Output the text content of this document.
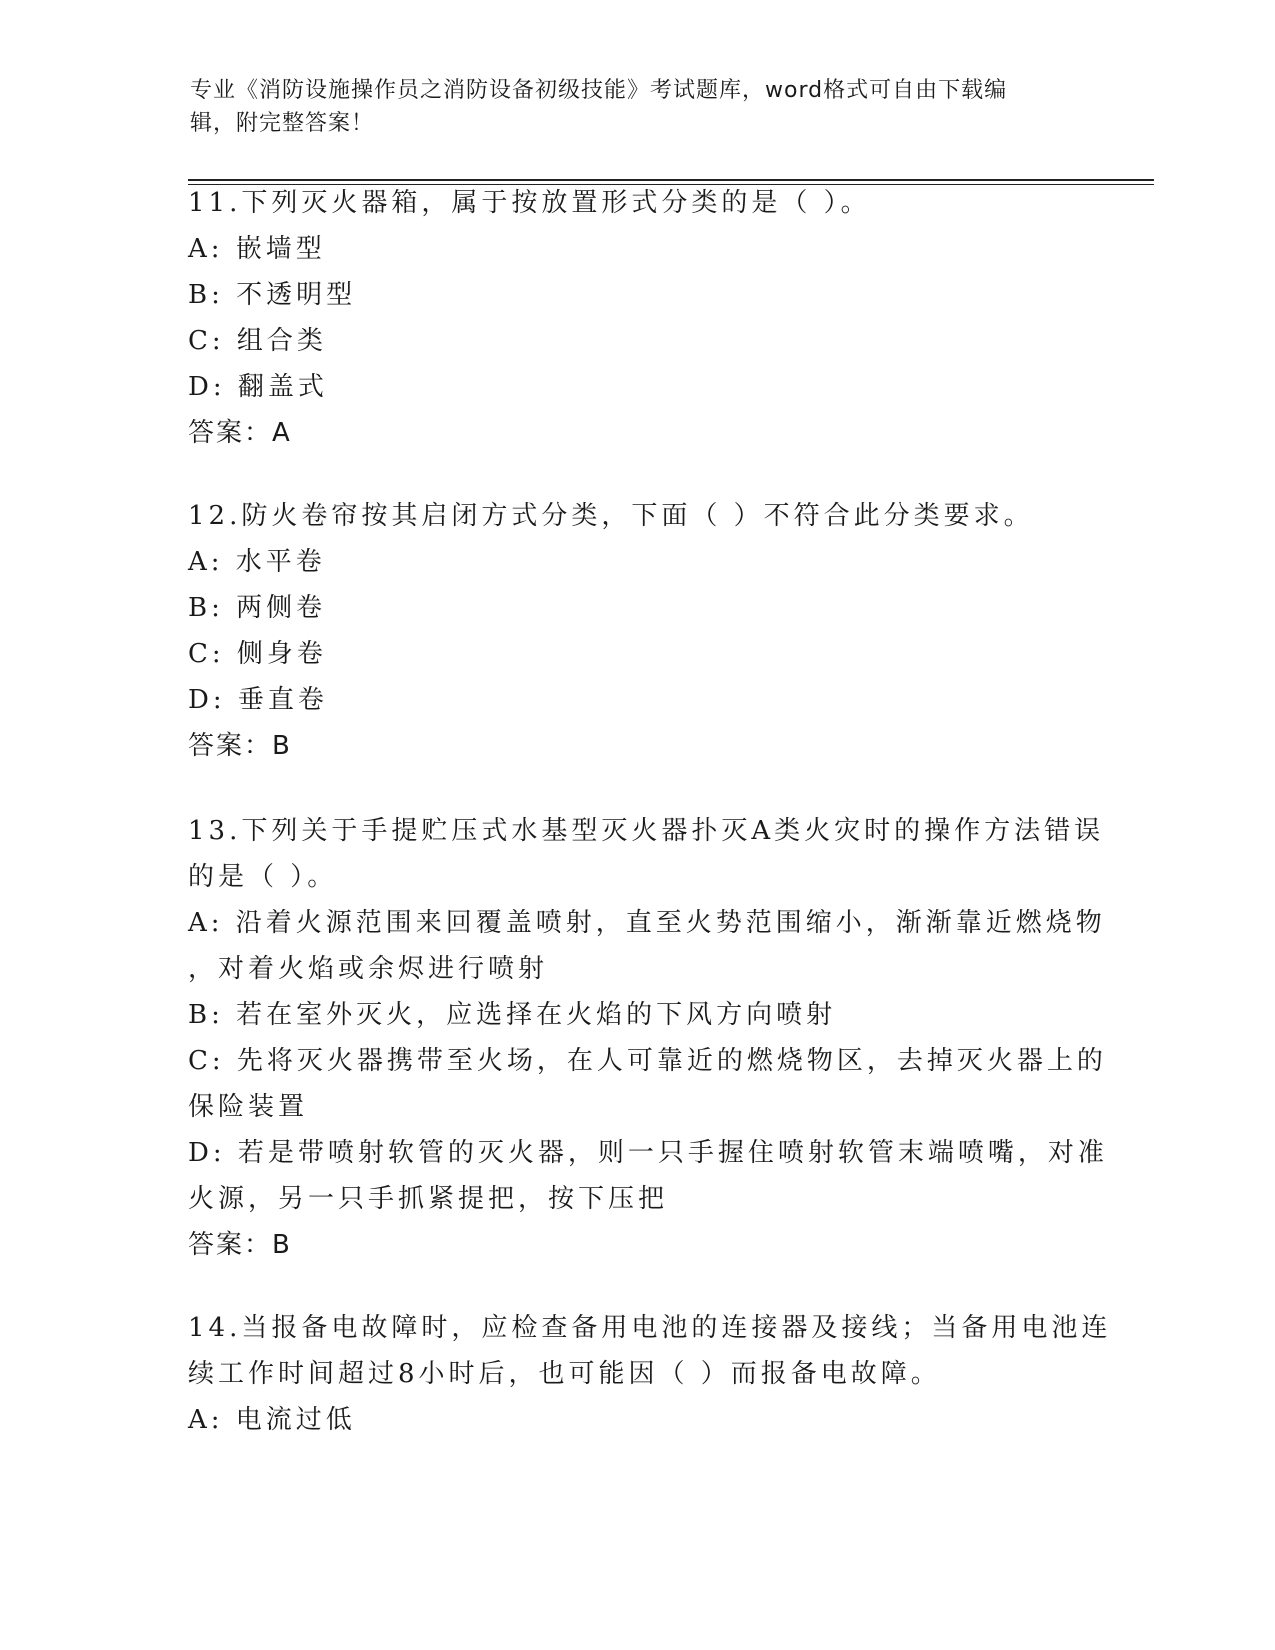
专业《消防设施操作员之消防设备初级技能》考试题库，word格式可自由下载编
辑，附完整答案！
11.下列灭火器箱，属于按放置形式分类的是（ ）。
A: 嵌墙型
B: 不透明型
C: 组合类
D: 翻盖式
答案：A
12.防火卷帘按其启闭方式分类，下面（ ）不符合此分类要求。
A: 水平卷
B: 两侧卷
C: 侧身卷
D: 垂直卷
答案：B
13.下列关于手提贮压式水基型灭火器扑灭A类火灾时的操作方法错误
的是（ ）。
A: 沿着火源范围来回覆盖喷射，直至火势范围缩小，渐渐靠近燃烧物
，对着火焰或余烬进行喷射
B: 若在室外灭火，应选择在火焰的下风方向喷射
C: 先将灭火器携带至火场，在人可靠近的燃烧物区，去掉灭火器上的
保险装置
D: 若是带喷射软管的灭火器，则一只手握住喷射软管末端喷嘴，对准
火源，另一只手抓紧提把，按下压把
答案：B
14.当报备电故障时，应检查备用电池的连接器及接线；当备用电池连
续工作时间超过8小时后，也可能因（ ）而报备电故障。
A: 电流过低
